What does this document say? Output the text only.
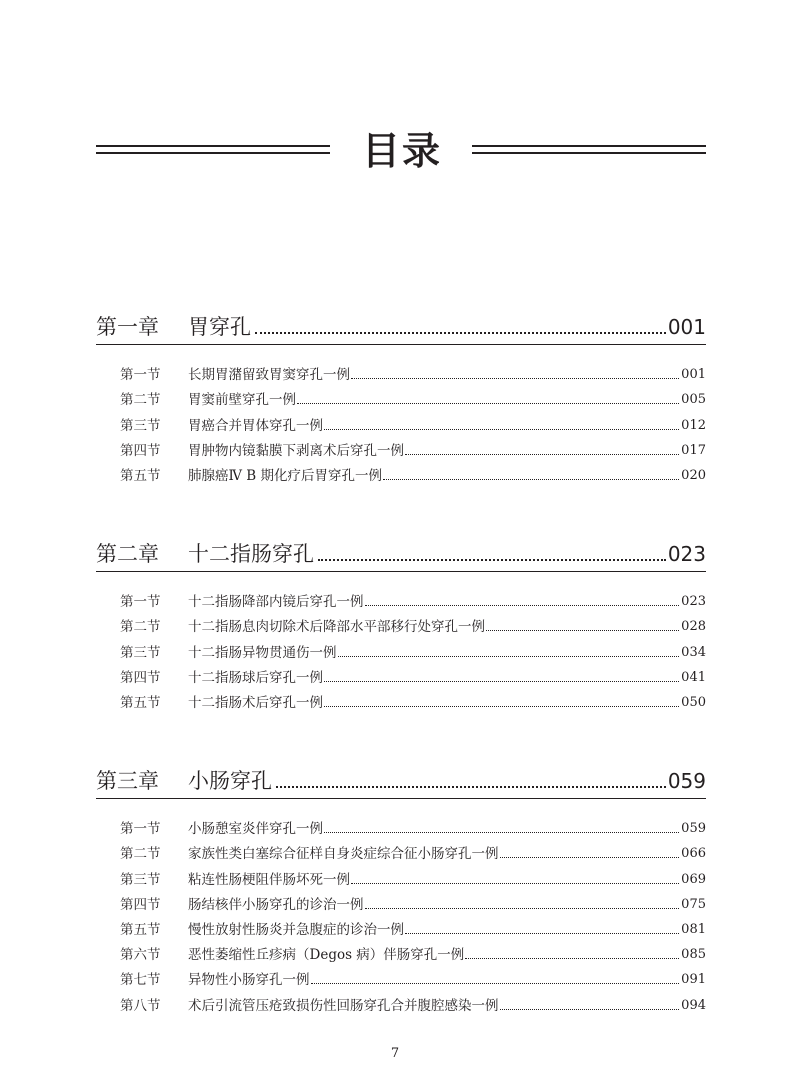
目录
第一章	胃穿孔	001
第一节	长期胃潴留致胃窦穿孔一例	001
第二节	胃窦前壁穿孔一例	005
第三节	胃癌合并胃体穿孔一例	012
第四节	胃肿物内镜黏膜下剥离术后穿孔一例	017
第五节	肺腺癌Ⅳ B 期化疗后胃穿孔一例	020
第二章	十二指肠穿孔	023
第一节	十二指肠降部内镜后穿孔一例	023
第二节	十二指肠息肉切除术后降部水平部移行处穿孔一例	028
第三节	十二指肠异物贯通伤一例	034
第四节	十二指肠球后穿孔一例	041
第五节	十二指肠术后穿孔一例	050
第三章	小肠穿孔	059
第一节	小肠憩室炎伴穿孔一例	059
第二节	家族性类白塞综合征样自身炎症综合征小肠穿孔一例	066
第三节	粘连性肠梗阻伴肠坏死一例	069
第四节	肠结核伴小肠穿孔的诊治一例	075
第五节	慢性放射性肠炎并急腹症的诊治一例	081
第六节	恶性萎缩性丘疹病（Degos 病）伴肠穿孔一例	085
第七节	异物性小肠穿孔一例	091
第八节	术后引流管压疮致损伤性回肠穿孔合并腹腔感染一例	094
7
